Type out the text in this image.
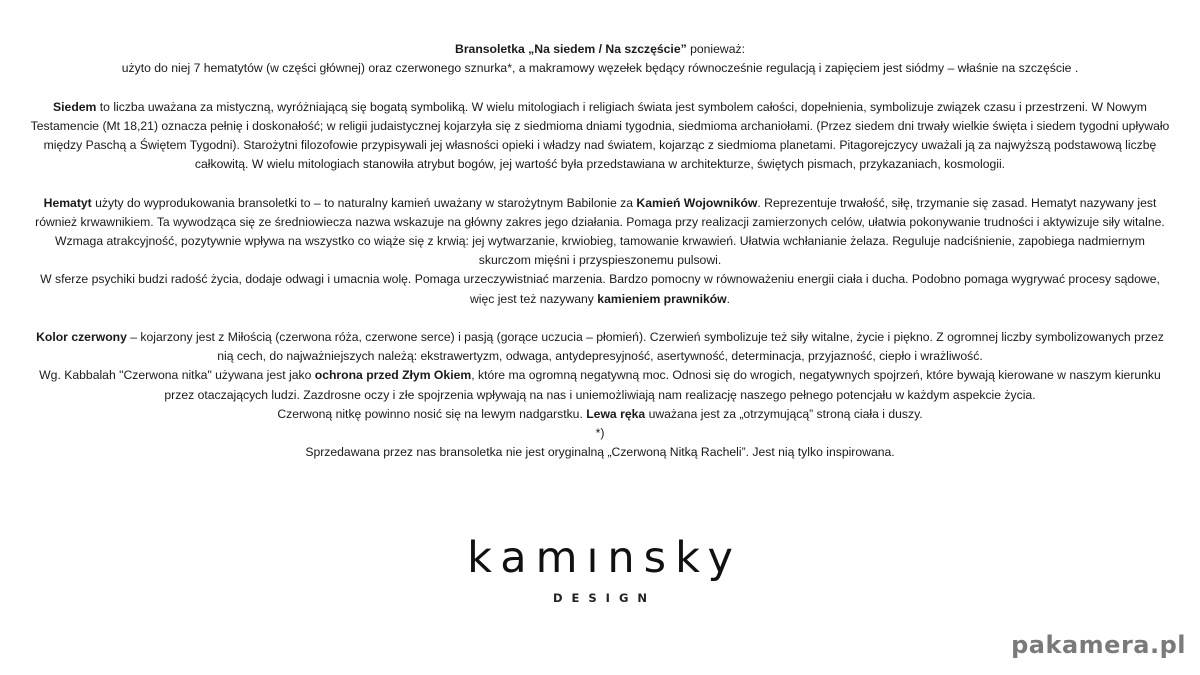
Bransoletka „Na siedem / Na szczęście” ponieważ:

użyto do niej 7 hematytów (w części głównej) oraz czerwonego sznurka*, a makramowy węzełek będący równocześnie regulacją i zapięciem jest siódmy – właśnie na szczęście .

Siedem to liczba uważana za mistyczną, wyróżniającą się bogatą symboliką. W wielu mitologiach i religiach świata jest symbolem całości, dopełnienia, symbolizuje związek czasu i przestrzeni. W Nowym Testamencie (Mt 18,21) oznacza pełnię i doskonałość; w religii judaistycznej kojarzyła się z siedmioma dniami tygodnia, siedmioma archaniołami. (Przez siedem dni trwały wielkie święta i siedem tygodni upływało między Paschą a Świętem Tygodni). Starożytni filozofowie przypisywali jej własności opieki i władzy nad światem, kojarząc z siedmioma planetami. Pitagorejczycy uważali ją za najwyższą podstawową liczbę całkowitą. W wielu mitologiach stanowiła atrybut bogów, jej wartość była przedstawiana w architekturze, świętych pismach, przykazaniach, kosmologii.

Hematyt użyty do wyprodukowania bransoletki to – to naturalny kamień uważany w starożytnym Babilonie za Kamień Wojowników. Reprezentuje trwałość, siłę, trzymanie się zasad. Hematyt nazywany jest również krwawnikiem. Ta wywodząca się ze średniowiecza nazwa wskazuje na główny zakres jego działania. Pomaga przy realizacji zamierzonych celów, ułatwia pokonywanie trudności i aktywizuje siły witalne. Wzmaga atrakcyjność, pozytywnie wpływa na wszystko co wiąże się z krwią: jej wytwarzanie, krwiobieg, tamowanie krwawień. Ułatwia wchłanianie żelaza. Reguluje nadciśnienie, zapobiega nadmiernym skurczom mięśni i przyspieszonemu pulsowi.

W sferze psychiki budzi radość życia, dodaje odwagi i umacnia wolę. Pomaga urzeczywistniać marzenia. Bardzo pomocny w równoważeniu energii ciała i ducha. Podobno pomaga wygrywać procesy sądowe, więc jest też nazywany kamieniem prawników.

Kolor czerwony – kojarzony jest z Miłością (czerwona róża, czerwone serce) i pasją (gorące uczucia – płomień). Czerwień symbolizuje też siły witalne, życie i piękno. Z ogromnej liczby symbolizowanych przez nią cech, do najważniejszych należą: ekstrawertyzm, odwaga, antydepresyjność, asertywność, determinacja, przyjazność, ciepło i wrażliwość.

Wg. Kabbalah "Czerwona nitka" używana jest jako ochrona przed Złym Okiem, które ma ogromną negatywną moc. Odnosi się do wrogich, negatywnych spojrzeń, które bywają kierowane w naszym kierunku przez otaczających ludzi. Zazdrosne oczy i złe spojrzenia wpływają na nas i uniemożliwiają nam realizację naszego pełnego potencjału w każdym aspekcie życia.

Czerwoną nitkę powinno nosić się na lewym nadgarstku. Lewa ręka uważana jest za „otrzymującą” stroną ciała i duszy.

*)

Sprzedawana przez nas bransoletka nie jest oryginalną „Czerwoną Nitką Racheli”. Jest nią tylko inspirowana.

kamınsky
DESIGN
pakamera.pl
